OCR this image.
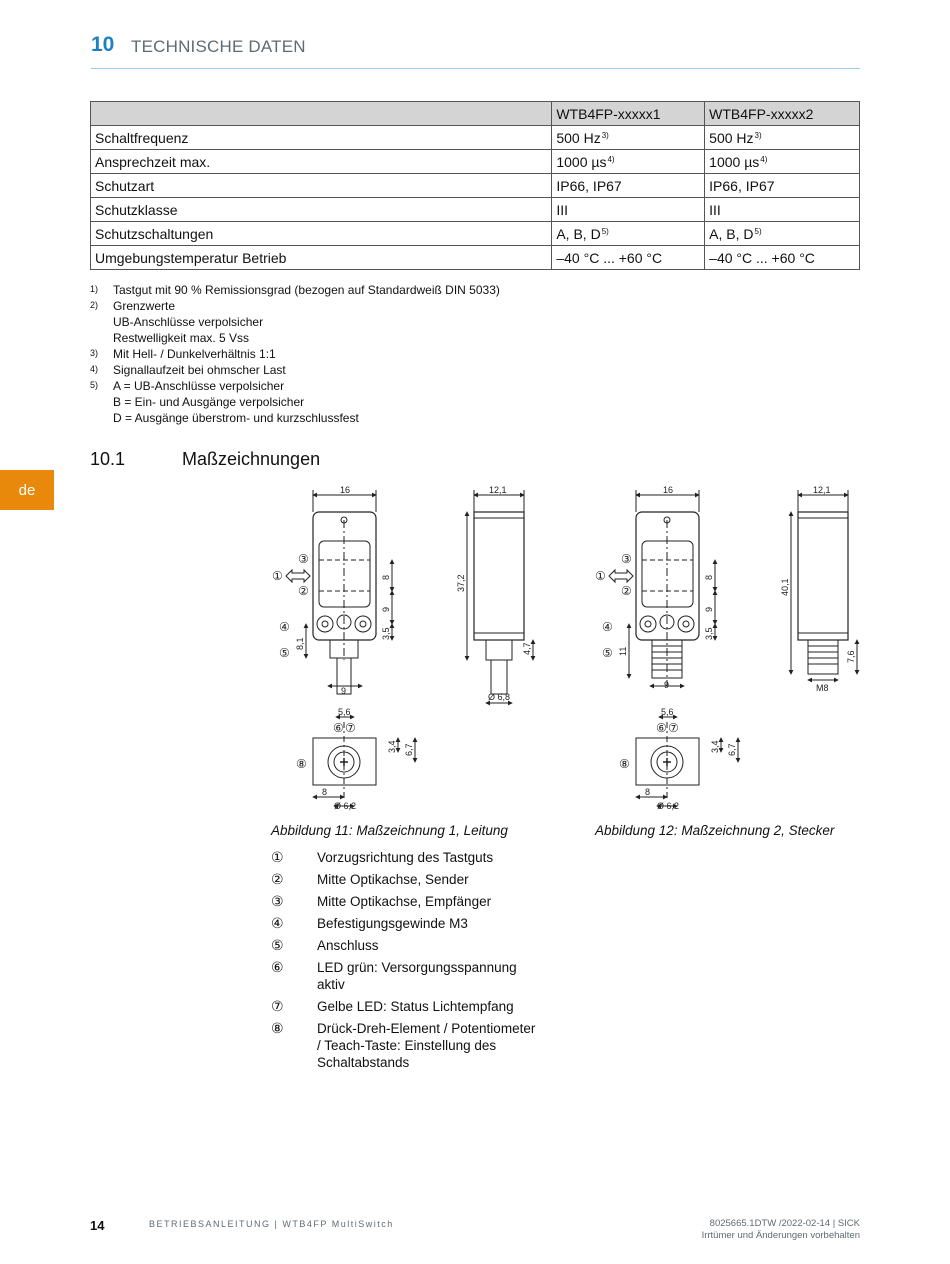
10 TECHNISCHE DATEN
	WTB4FP-xxxxx1	WTB4FP-xxxxx2
Schaltfrequenz	500 Hz$^{3)}$	500 Hz$^{3)}$
Ansprechzeit max.	1000 µs$^{4)}$	1000 µs$^{4)}$
Schutzart	IP66, IP67	IP66, IP67
Schutzklasse	III	III
Schutzschaltungen	A, B, D$^{5)}$	A, B, D$^{5)}$
Umgebungstemperatur Betrieb	–40 °C ... +60 °C	–40 °C ... +60 °C
1)	Tastgut mit 90 % Remissionsgrad (bezogen auf Standardweiß DIN 5033)
2)	Grenzwerte
UB-Anschlüsse verpolsicher
Restwelligkeit max. 5 Vss
3)	Mit Hell- / Dunkelverhältnis 1:1
4)	Signallaufzeit bei ohmscher Last
5)	A = UB-Anschlüsse verpolsicher
B = Ein- und Ausgänge verpolsicher
D = Ausgänge überstrom- und kurzschlussfest
de
10.1	Maßzeichnungen
16	12,1	16	12,1
8
9
3,5
8,1
9
37,2
4,7
Ø 6,8
8
9
3,5
11
9
40,1
7,6
M8
5,6
3,4 6,7
8
Ø 6,2
5,6
3,4 6,7
8
Ø 6,2
③
①
②
④
⑤
⑥ ⑦
⑧
③
①
②
④
⑤
⑥ ⑦
⑧
Abbildung 11: Maßzeichnung 1, Leitung	Abbildung 12: Maßzeichnung 2, Stecker
①	Vorzugsrichtung des Tastguts
②	Mitte Optikachse, Sender
③	Mitte Optikachse, Empfänger
④	Befestigungsgewinde M3
⑤	Anschluss
⑥	LED grün: Versorgungsspannung aktiv
⑦	Gelbe LED: Status Lichtempfang
⑧	Drück-Dreh-Element / Potentiometer / Teach-Taste: Einstellung des Schaltabstands
14	BETRIEBSANLEITUNG | WTB4FP MultiSwitch	8025665.1DTW /2022-02-14 | SICK
Irrtümer und Änderungen vorbehalten
